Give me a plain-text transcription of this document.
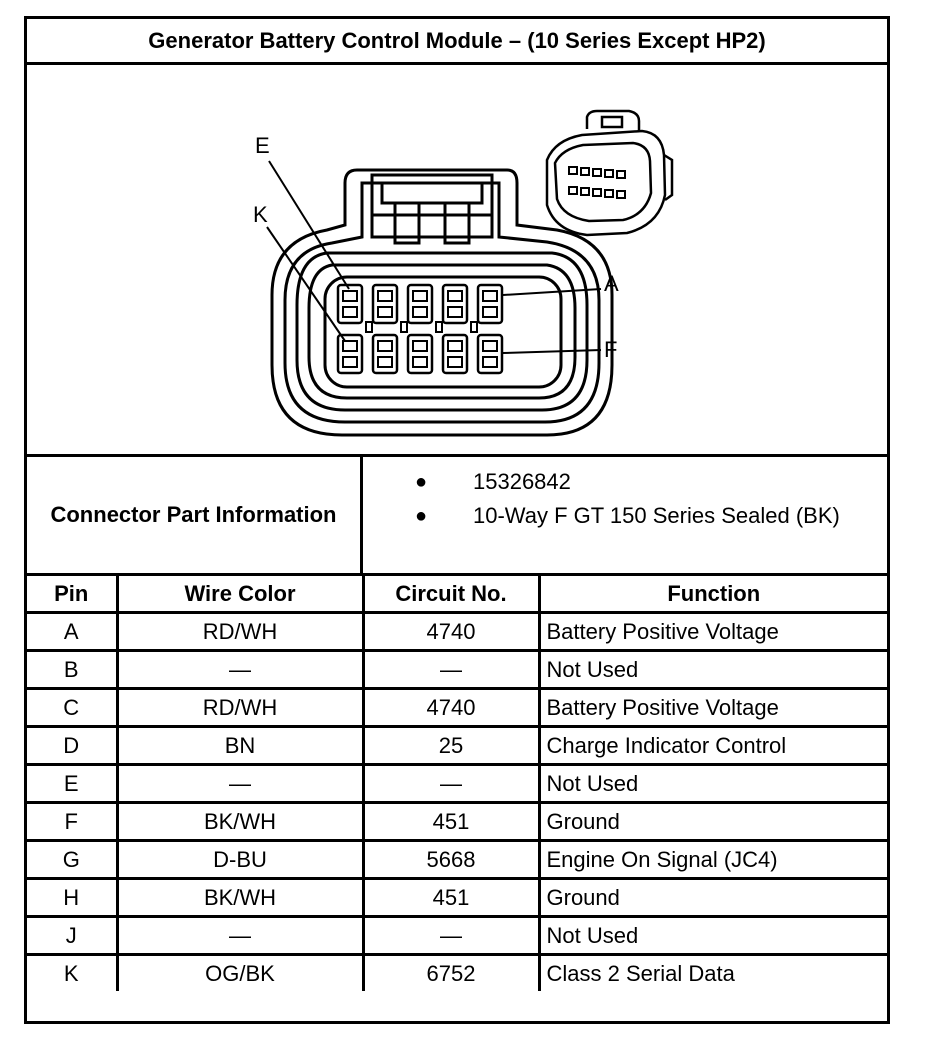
Generator Battery Control Module – (10 Series Except HP2)
E
K
A
F
Connector Part Information
● 15326842
● 10-Way F GT 150 Series Sealed (BK)
Pin	Wire Color	Circuit No.	Function
A	RD/WH	4740	Battery Positive Voltage
B	—	—	Not Used
C	RD/WH	4740	Battery Positive Voltage
D	BN	25	Charge Indicator Control
E	—	—	Not Used
F	BK/WH	451	Ground
G	D-BU	5668	Engine On Signal (JC4)
H	BK/WH	451	Ground
J	—	—	Not Used
K	OG/BK	6752	Class 2 Serial Data
